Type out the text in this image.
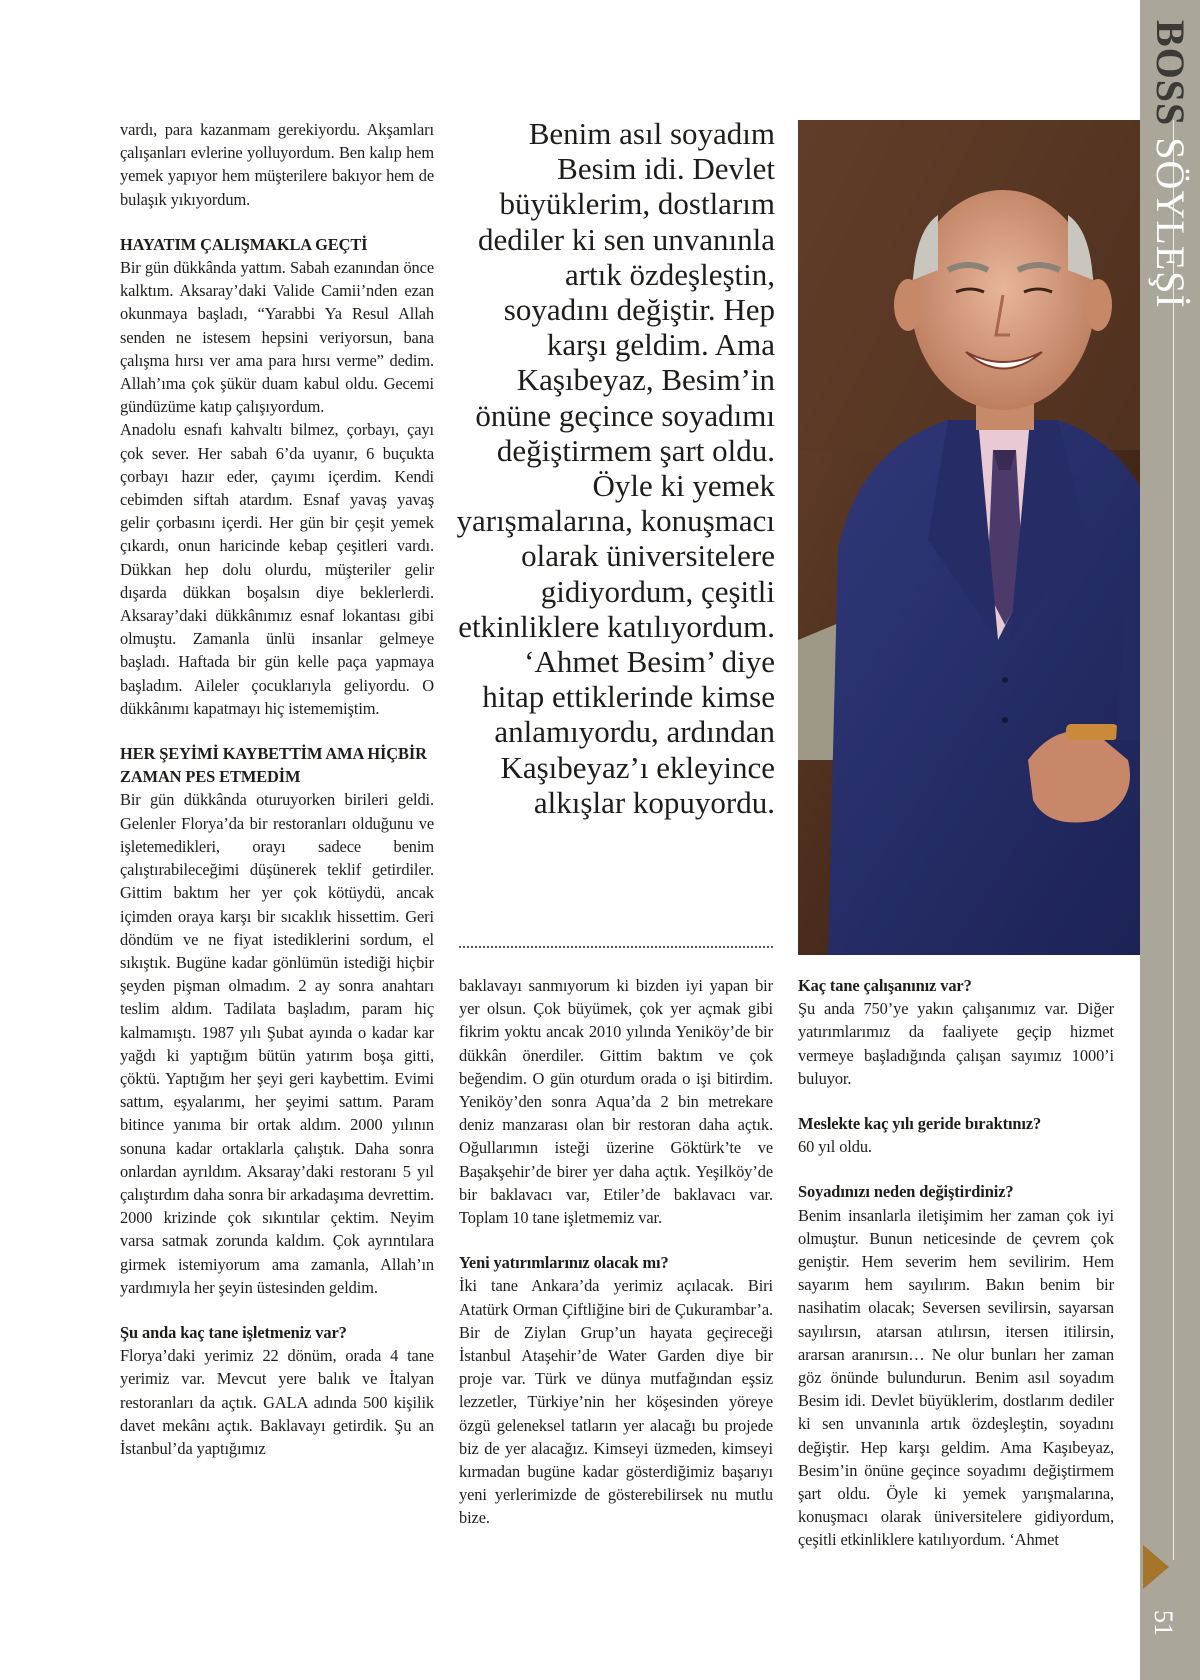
vardı, para kazanmam gerekiyordu. Akşamları çalışanları evlerine yolluyordum. Ben kalıp hem yemek yapıyor hem müşterilere bakıyor hem de bulaşık yıkıyordum.

HAYATIM ÇALIŞMAKLA GEÇTİ

Bir gün dükkânda yattım. Sabah ezanından önce kalktım. Aksaray’daki Valide Camii’nden ezan okunmaya başladı, “Yarabbi Ya Resul Allah senden ne istesem hepsini veriyorsun, bana çalışma hırsı ver ama para hırsı verme” dedim. Allah’ıma çok şükür duam kabul oldu. Gecemi gündüzüme katıp çalışıyordum.

Anadolu esnafı kahvaltı bilmez, çorbayı, çayı çok sever. Her sabah 6’da uyanır, 6 buçukta çorbayı hazır eder, çayımı içerdim. Kendi cebimden siftah atardım. Esnaf yavaş yavaş gelir çorbasını içerdi. Her gün bir çeşit yemek çıkardı, onun haricinde kebap çeşitleri vardı. Dükkan hep dolu olurdu, müşteriler gelir dışarda dükkan boşalsın diye beklerlerdi. Aksaray’daki dükkânımız esnaf lokantası gibi olmuştu. Zamanla ünlü insanlar gelmeye başladı. Haftada bir gün kelle paça yapmaya başladım. Aileler çocuklarıyla geliyordu. O dükkânımı kapatmayı hiç istememiştim.

HER ŞEYİMİ KAYBETTİM AMA HİÇBİR ZAMAN PES ETMEDİM

Bir gün dükkânda oturuyorken birileri geldi. Gelenler Florya’da bir restoranları olduğunu ve işletemedikleri, orayı sadece benim çalıştırabileceğimi düşünerek teklif getirdiler. Gittim baktım her yer çok kötüydü, ancak içimden oraya karşı bir sıcaklık hissettim. Geri döndüm ve ne fiyat istediklerini sordum, el sıkıştık. Bugüne kadar gönlümün istediği hiçbir şeyden pişman olmadım. 2 ay sonra anahtarı teslim aldım. Tadilata başladım, param hiç kalmamıştı. 1987 yılı Şubat ayında o kadar kar yağdı ki yaptığım bütün yatırım boşa gitti, çöktü. Yaptığım her şeyi geri kaybettim. Evimi sattım, eşyalarımı, her şeyimi sattım. Param bitince yanıma bir ortak aldım. 2000 yılının sonuna kadar ortaklarla çalıştık. Daha sonra onlardan ayrıldım. Aksaray’daki restoranı 5 yıl çalıştırdım daha sonra bir arkadaşıma devrettim. 2000 krizinde çok sıkıntılar çektim. Neyim varsa satmak zorunda kaldım. Çok ayrıntılara girmek istemiyorum ama zamanla, Allah’ın yardımıyla her şeyin üstesinden geldim.

Şu anda kaç tane işletmeniz var?

Florya’daki yerimiz 22 dönüm, orada 4 tane yerimiz var. Mevcut yere balık ve İtalyan restoranları da açtık. GALA adında 500 kişilik davet mekânı açtık. Baklavayı getirdik. Şu an İstanbul’da yaptığımız

Benim asıl soyadım Besim idi. Devlet büyüklerim, dostlarım dediler ki sen unvanınla artık özdeşleştin, soyadını değiştir. Hep karşı geldim. Ama Kaşıbeyaz, Besim’in önüne geçince soyadımı değiştirmem şart oldu. Öyle ki yemek yarışmalarına, konuşmacı olarak üniversitelere gidiyordum, çeşitli etkinliklere katılıyordum. ‘Ahmet Besim’ diye hitap ettiklerinde kimse anlamıyordu, ardından Kaşıbeyaz’ı ekleyince alkışlar kopuyordu.

baklavayı sanmıyorum ki bizden iyi yapan bir yer olsun. Çok büyümek, çok yer açmak gibi fikrim yoktu ancak 2010 yılında Yeniköy’de bir dükkân önerdiler. Gittim baktım ve çok beğendim. O gün oturdum orada o işi bitirdim. Yeniköy’den sonra Aqua’da 2 bin metrekare deniz manzarası olan bir restoran daha açtık. Oğullarımın isteği üzerine Göktürk’te ve Başakşehir’de birer yer daha açtık. Yeşilköy’de bir baklavacı var, Etiler’de baklavacı var. Toplam 10 tane işletmemiz var.

Yeni yatırımlarınız olacak mı?

İki tane Ankara’da yerimiz açılacak. Biri Atatürk Orman Çiftliğine biri de Çukurambar’a. Bir de Ziylan Grup’un hayata geçireceği İstanbul Ataşehir’de Water Garden diye bir proje var. Türk ve dünya mutfağından eşsiz lezzetler, Türkiye’nin her köşesinden yöreye özgü geleneksel tatların yer alacağı bu projede biz de yer alacağız. Kimseyi üzmeden, kimseyi kırmadan bugüne kadar gösterdiğimiz başarıyı yeni yerlerimizde de gösterebilirsek nu mutlu bize.

Kaç tane çalışanınız var?

Şu anda 750’ye yakın çalışanımız var. Diğer yatırımlarımız da faaliyete geçip hizmet vermeye başladığında çalışan sayımız 1000’i buluyor.

Meslekte kaç yılı geride bıraktınız?

60 yıl oldu.

Soyadınızı neden değiştirdiniz?

Benim insanlarla iletişimim her zaman çok iyi olmuştur. Bunun neticesinde de çevrem çok geniştir. Hem severim hem sevilirim. Hem sayarım hem sayılırım. Bakın benim bir nasihatim olacak; Seversen sevilirsin, sayarsan sayılırsın, atarsan atılırsın, itersen itilirsin, ararsan aranırsın… Ne olur bunları her zaman göz önünde bulundurun. Benim asıl soyadım Besim idi. Devlet büyüklerim, dostlarım dediler ki sen unvanınla artık özdeşleştin, soyadını değiştir. Hep karşı geldim. Ama Kaşıbeyaz, Besim’in önüne geçince soyadımı değiştirmem şart oldu. Öyle ki yemek yarışmalarına, konuşmacı olarak üniversitelere gidiyordum, çeşitli etkinliklere katılıyordum. ‘Ahmet

BOSS SÖYLEŞİ
51
